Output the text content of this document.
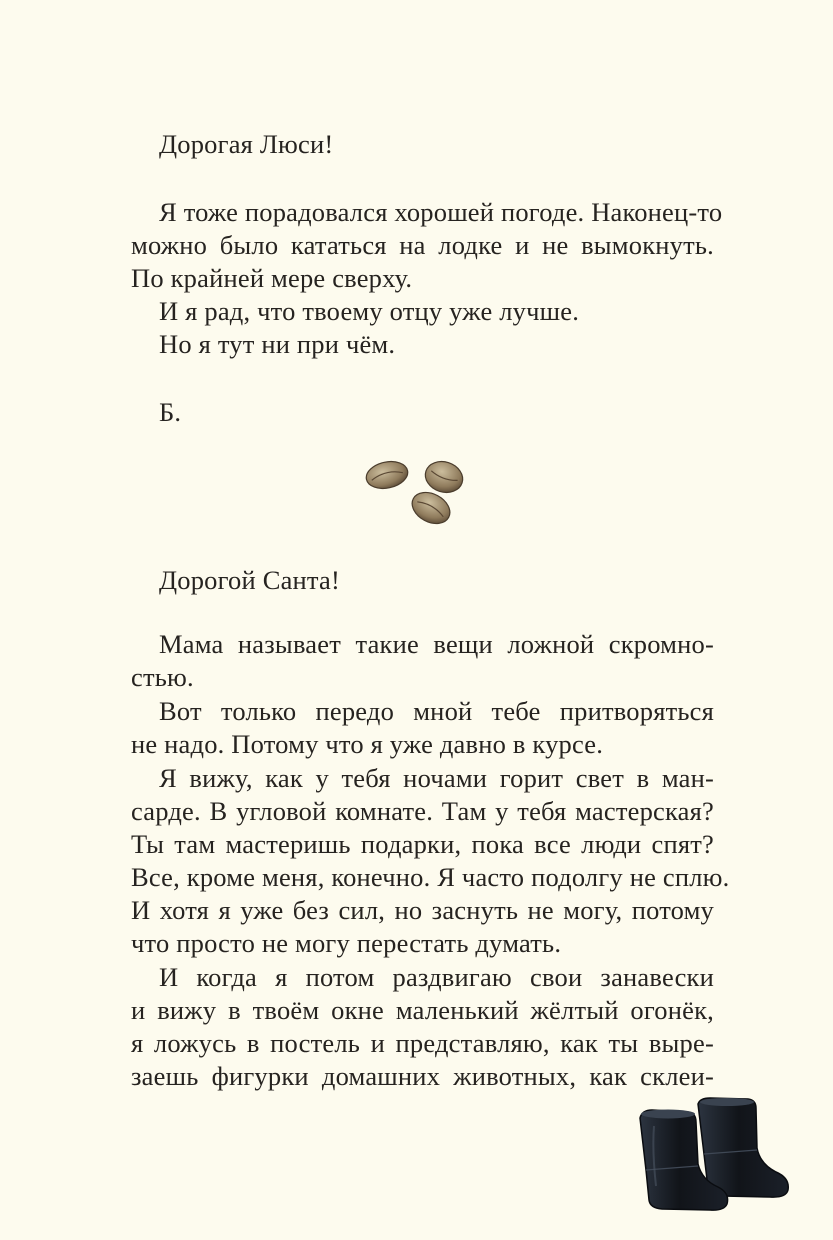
Дорогая Люси!
Я тоже порадовался хорошей погоде. Наконец-то
можно было кататься на лодке и не вымокнуть.
По крайней мере сверху.
И я рад, что твоему отцу уже лучше.
Но я тут ни при чём.
Б.
Дорогой Санта!
Мама называет такие вещи ложной скромно-
стью.
Вот только передо мной тебе притворяться
не надо. Потому что я уже давно в курсе.
Я вижу, как у тебя ночами горит свет в ман-
сарде. В угловой комнате. Там у тебя мастерская?
Ты там мастеришь подарки, пока все люди спят?
Все, кроме меня, конечно. Я часто подолгу не сплю.
И хотя я уже без сил, но заснуть не могу, потому
что просто не могу перестать думать.
И когда я потом раздвигаю свои занавески
и вижу в твоём окне маленький жёлтый огонёк,
я ложусь в постель и представляю, как ты выре-
заешь фигурки домашних животных, как склеи-
